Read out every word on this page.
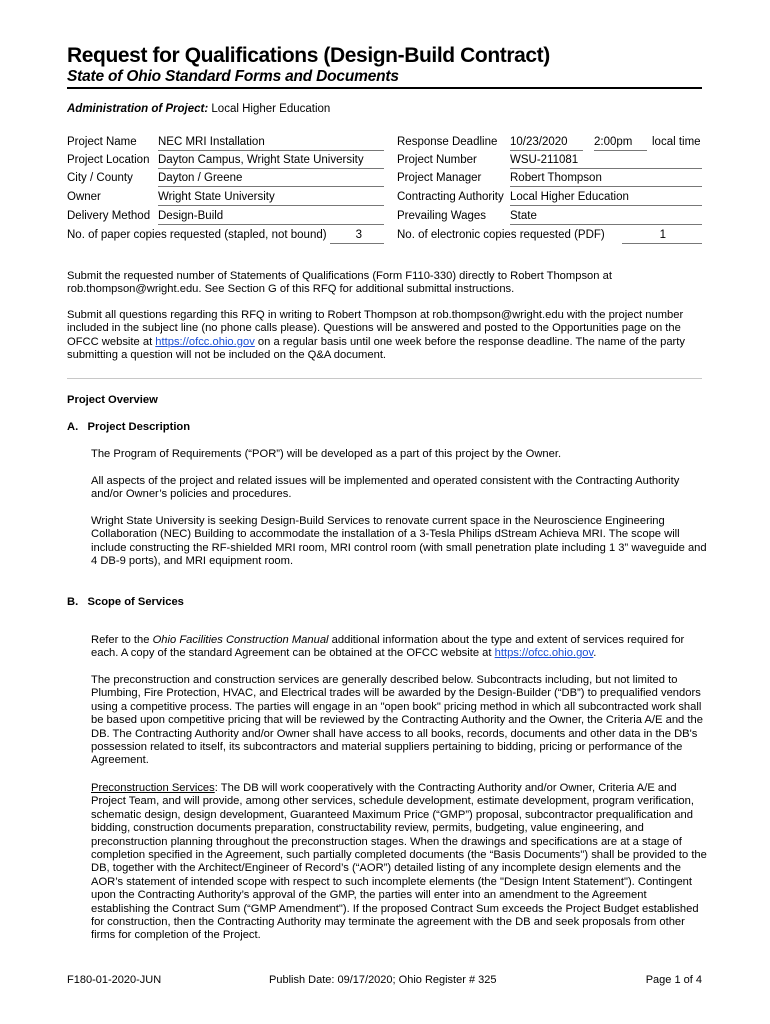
Request for Qualifications (Design-Build Contract)
State of Ohio Standard Forms and Documents
Administration of Project: Local Higher Education
Project Name NEC MRI Installation
Project Location Dayton Campus, Wright State University
City / County Dayton / Greene
Owner	Wright State University
Delivery Method Design-Build
No. of paper copies requested (stapled, not bound)	3
Response Deadline 10/23/2020	2:00pm	local time
Project Number	WSU-211081
Project Manager Robert Thompson
Contracting Authority Local Higher Education
Prevailing Wages State
No. of electronic copies requested (PDF)	1
Submit the requested number of Statements of Qualifications (Form F110-330) directly to Robert Thompson at rob.thompson@wright.edu. See Section G of this RFQ for additional submittal instructions.
Submit all questions regarding this RFQ in writing to Robert Thompson at rob.thompson@wright.edu with the project number included in the subject line (no phone calls please). Questions will be answered and posted to the Opportunities page on the OFCC website at https://ofcc.ohio.gov on a regular basis until one week before the response deadline. The name of the party submitting a question will not be included on the Q&A document.
Project Overview
A.   Project Description
The Program of Requirements (“POR”) will be developed as a part of this project by the Owner.
All aspects of the project and related issues will be implemented and operated consistent with the Contracting Authority and/or Owner’s policies and procedures.
Wright State University is seeking Design-Build Services to renovate current space in the Neuroscience Engineering Collaboration (NEC) Building to accommodate the installation of a 3-Tesla Philips dStream Achieva MRI. The scope will include constructing the RF-shielded MRI room, MRI control room (with small penetration plate including 1 3” waveguide and 4 DB-9 ports), and MRI equipment room.
B.   Scope of Services
Refer to the Ohio Facilities Construction Manual additional information about the type and extent of services required for each. A copy of the standard Agreement can be obtained at the OFCC website at https://ofcc.ohio.gov.
The preconstruction and construction services are generally described below. Subcontracts including, but not limited to Plumbing, Fire Protection, HVAC, and Electrical trades will be awarded by the Design-Builder (“DB”) to prequalified vendors using a competitive process. The parties will engage in an "open book" pricing method in which all subcontracted work shall be based upon competitive pricing that will be reviewed by the Contracting Authority and the Owner, the Criteria A/E and the DB. The Contracting Authority and/or Owner shall have access to all books, records, documents and other data in the DB's possession related to itself, its subcontractors and material suppliers pertaining to bidding, pricing or performance of the Agreement.
Preconstruction Services: The DB will work cooperatively with the Contracting Authority and/or Owner, Criteria A/E and Project Team, and will provide, among other services, schedule development, estimate development, program verification, schematic design, design development, Guaranteed Maximum Price (“GMP”) proposal, subcontractor prequalification and bidding, construction documents preparation, constructability review, permits, budgeting, value engineering, and preconstruction planning throughout the preconstruction stages. When the drawings and specifications are at a stage of completion specified in the Agreement, such partially completed documents (the “Basis Documents") shall be provided to the DB, together with the Architect/Engineer of Record’s (“AOR”) detailed listing of any incomplete design elements and the AOR’s statement of intended scope with respect to such incomplete elements (the "Design Intent Statement"). Contingent upon the Contracting Authority’s approval of the GMP, the parties will enter into an amendment to the Agreement establishing the Contract Sum (“GMP Amendment"). If the proposed Contract Sum exceeds the Project Budget established for construction, then the Contracting Authority may terminate the agreement with the DB and seek proposals from other firms for completion of the Project.
F180-01-2020-JUN	Publish Date: 09/17/2020; Ohio Register # 325	Page 1 of 4
